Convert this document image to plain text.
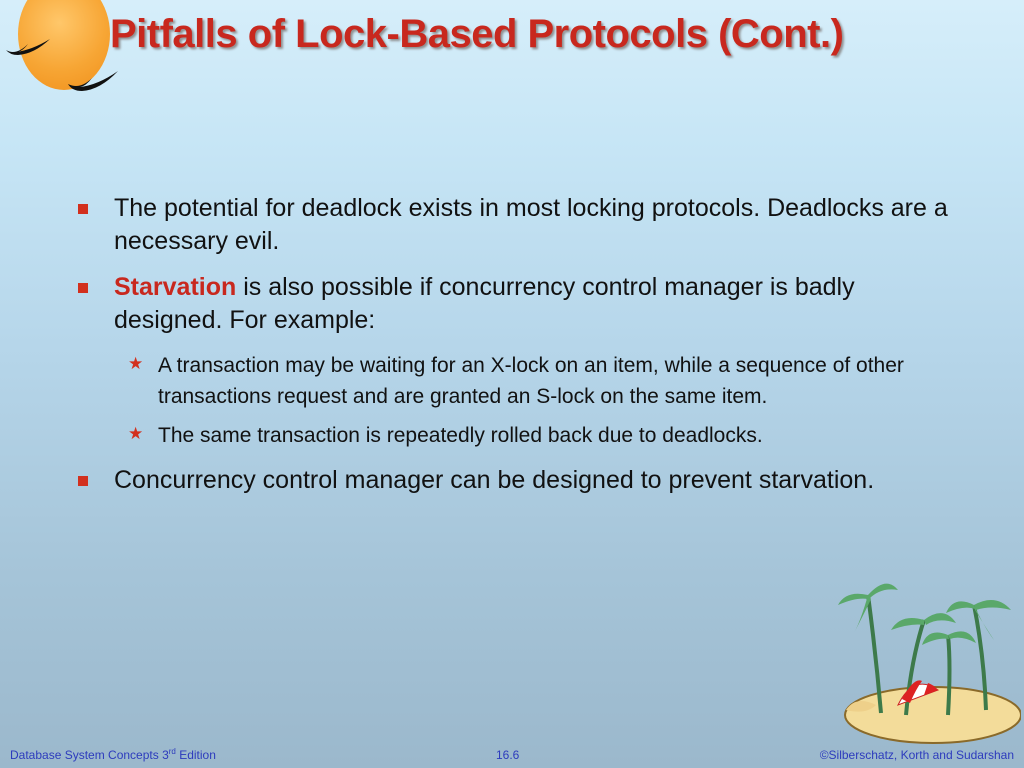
Pitfalls of Lock-Based Protocols (Cont.)
The potential for deadlock exists in most locking protocols. Deadlocks are a necessary evil.
Starvation is also possible if concurrency control manager is badly designed. For example:
★ A transaction may be waiting for an X-lock on an item, while a sequence of other transactions request and are granted an S-lock on the same item.
★ The same transaction is repeatedly rolled back due to deadlocks.
Concurrency control manager can be designed to prevent starvation.
Database System Concepts 3rd Edition	16.6	©Silberschatz, Korth and Sudarshan
